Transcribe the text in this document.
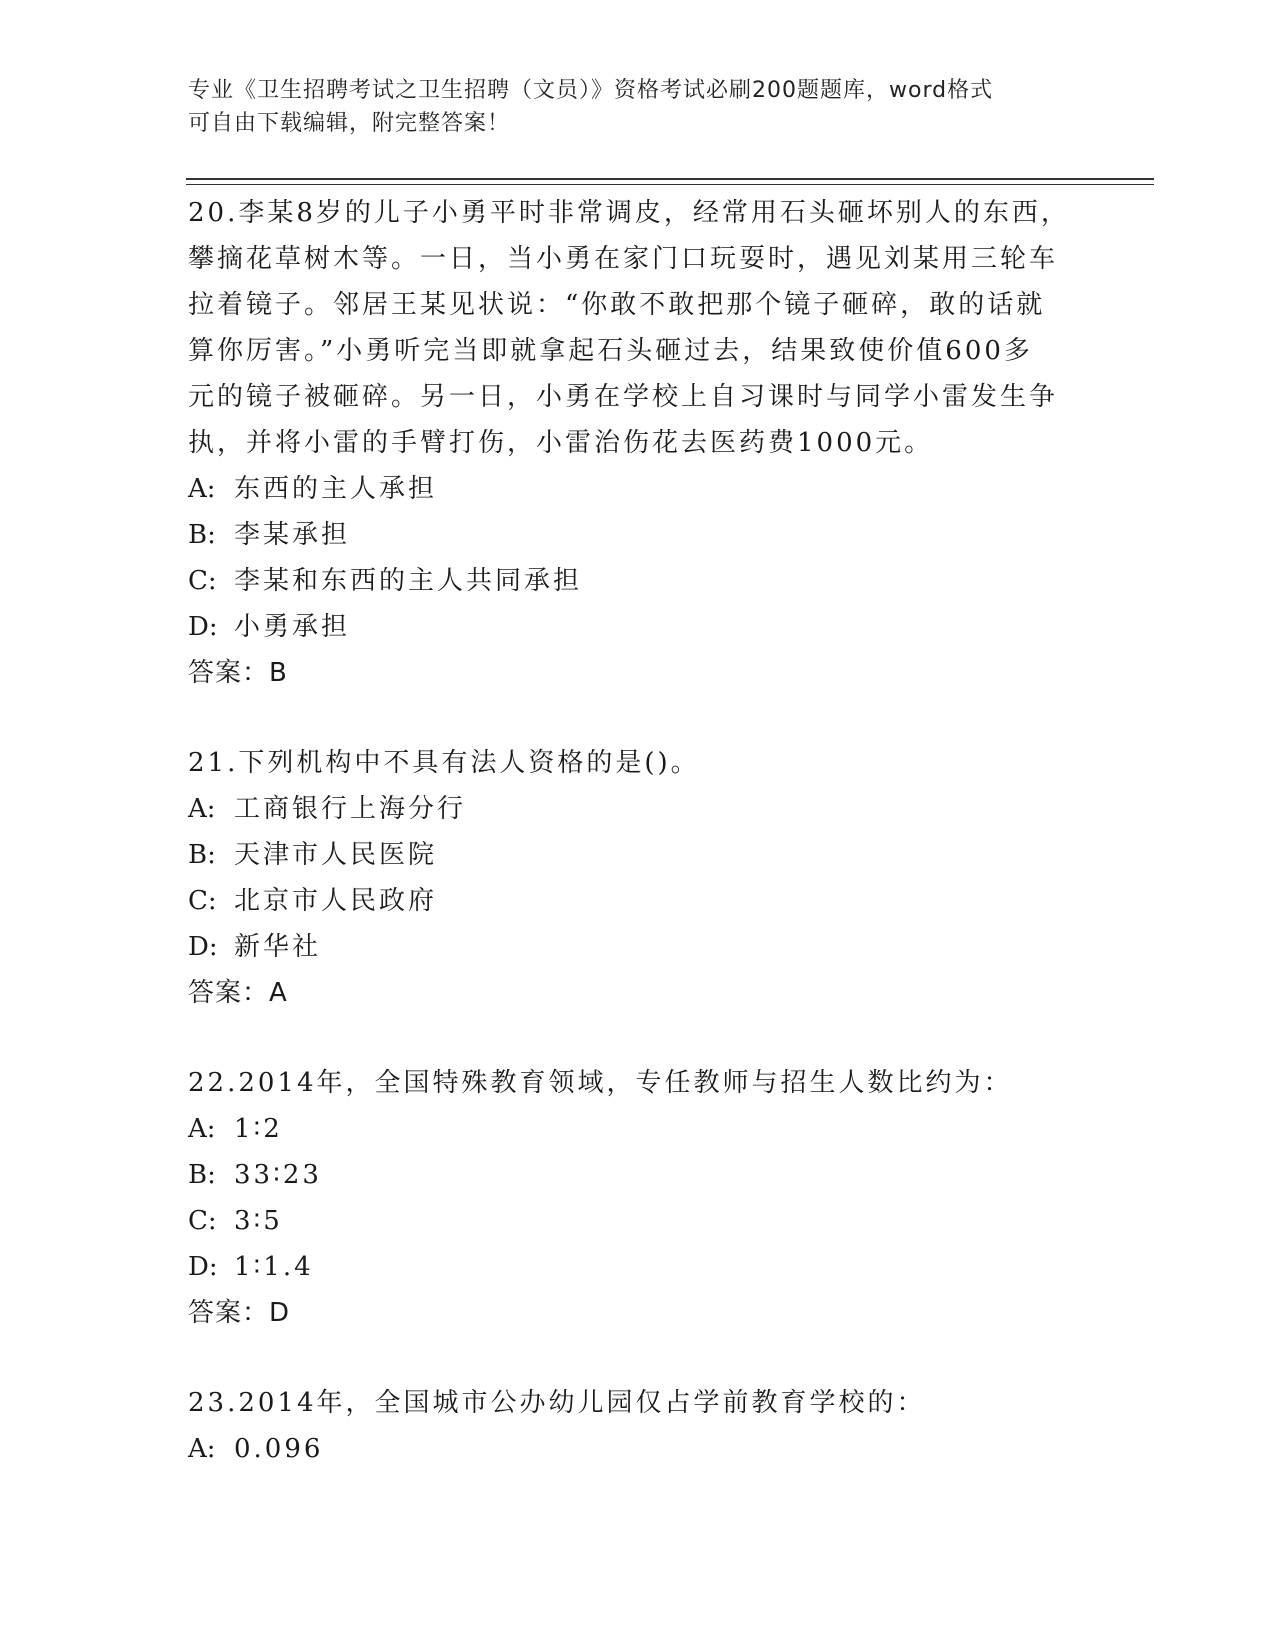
专业《卫生招聘考试之卫生招聘（文员）》资格考试必刷200题题库，word格式
可自由下载编辑，附完整答案！
20.李某8岁的儿子小勇平时非常调皮，经常用石头砸坏别人的东西，
攀摘花草树木等。一日，当小勇在家门口玩耍时，遇见刘某用三轮车
拉着镜子。邻居王某见状说：“你敢不敢把那个镜子砸碎，敢的话就
算你厉害。”小勇听完当即就拿起石头砸过去，结果致使价值600多
元的镜子被砸碎。另一日，小勇在学校上自习课时与同学小雷发生争
执，并将小雷的手臂打伤，小雷治伤花去医药费1000元。
A: 东西的主人承担
B: 李某承担
C: 李某和东西的主人共同承担
D: 小勇承担
答案：B
21.下列机构中不具有法人资格的是()。
A: 工商银行上海分行
B: 天津市人民医院
C: 北京市人民政府
D: 新华社
答案：A
22.2014年，全国特殊教育领域，专任教师与招生人数比约为：
A: 1∶2
B: 33∶23
C: 3∶5
D: 1∶1.4
答案：D
23.2014年，全国城市公办幼儿园仅占学前教育学校的：
A: 0.096
